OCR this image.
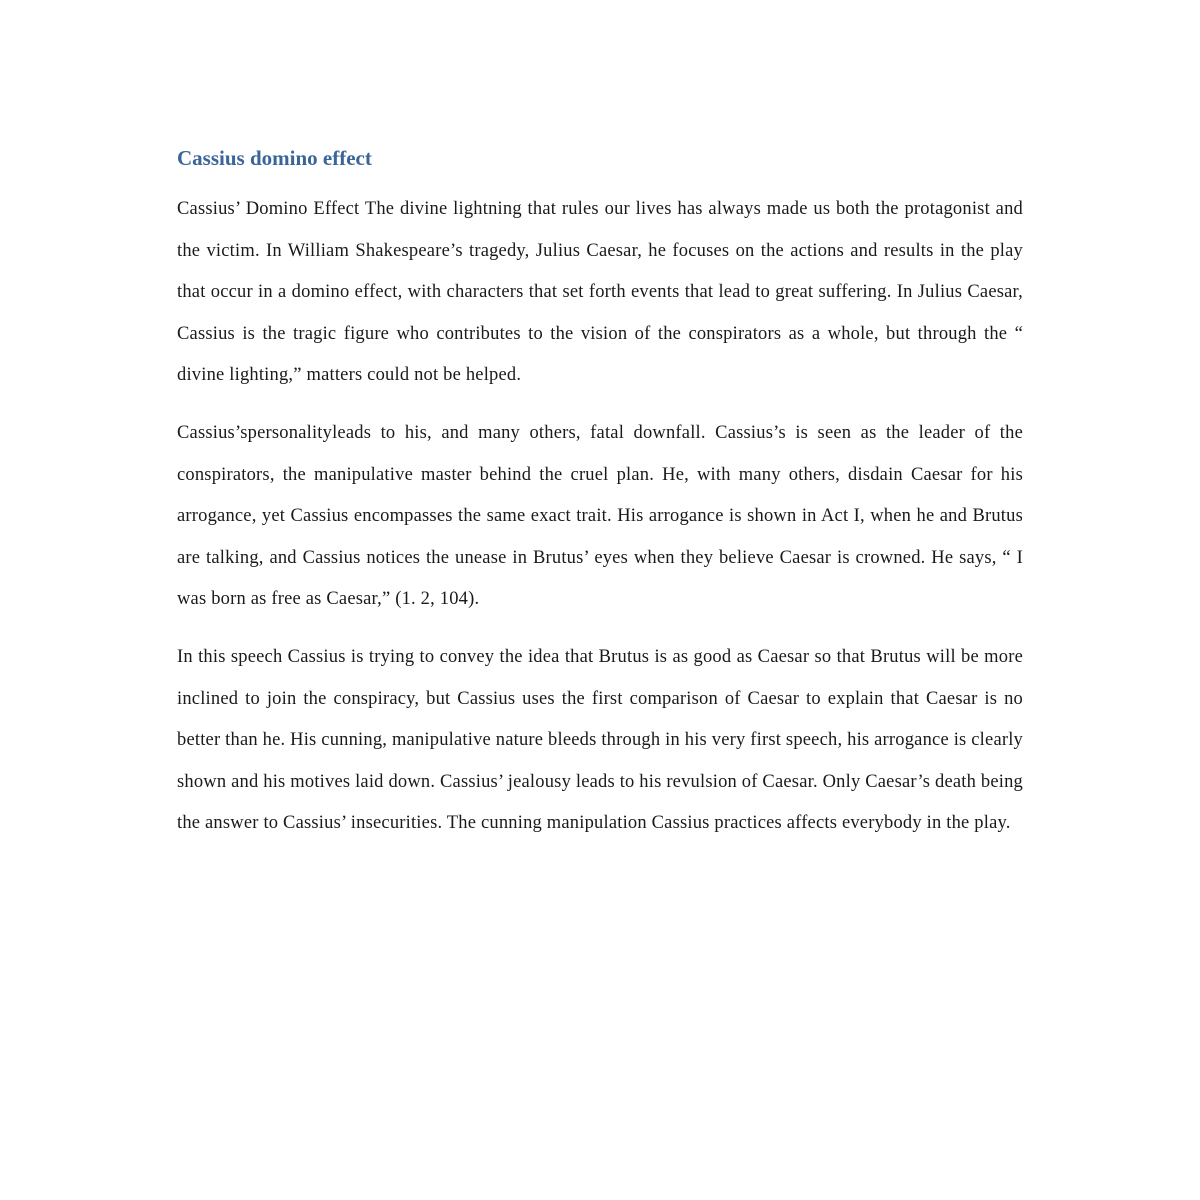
Cassius domino effect

Cassius’ Domino Effect The divine lightning that rules our lives has always made us both the protagonist and the victim. In William Shakespeare’s tragedy, Julius Caesar, he focuses on the actions and results in the play that occur in a domino effect, with characters that set forth events that lead to great suffering. In Julius Caesar, Cassius is the tragic figure who contributes to the vision of the conspirators as a whole, but through the “ divine lighting,” matters could not be helped.

Cassius’spersonalityleads to his, and many others, fatal downfall. Cassius’s is seen as the leader of the conspirators, the manipulative master behind the cruel plan. He, with many others, disdain Caesar for his arrogance, yet Cassius encompasses the same exact trait. His arrogance is shown in Act I, when he and Brutus are talking, and Cassius notices the unease in Brutus’ eyes when they believe Caesar is crowned. He says, “ I was born as free as Caesar,” (1. 2, 104).

In this speech Cassius is trying to convey the idea that Brutus is as good as Caesar so that Brutus will be more inclined to join the conspiracy, but Cassius uses the first comparison of Caesar to explain that Caesar is no better than he. His cunning, manipulative nature bleeds through in his very first speech, his arrogance is clearly shown and his motives laid down. Cassius’ jealousy leads to his revulsion of Caesar. Only Caesar’s death being the answer to Cassius’ insecurities. The cunning manipulation Cassius practices affects everybody in the play.
